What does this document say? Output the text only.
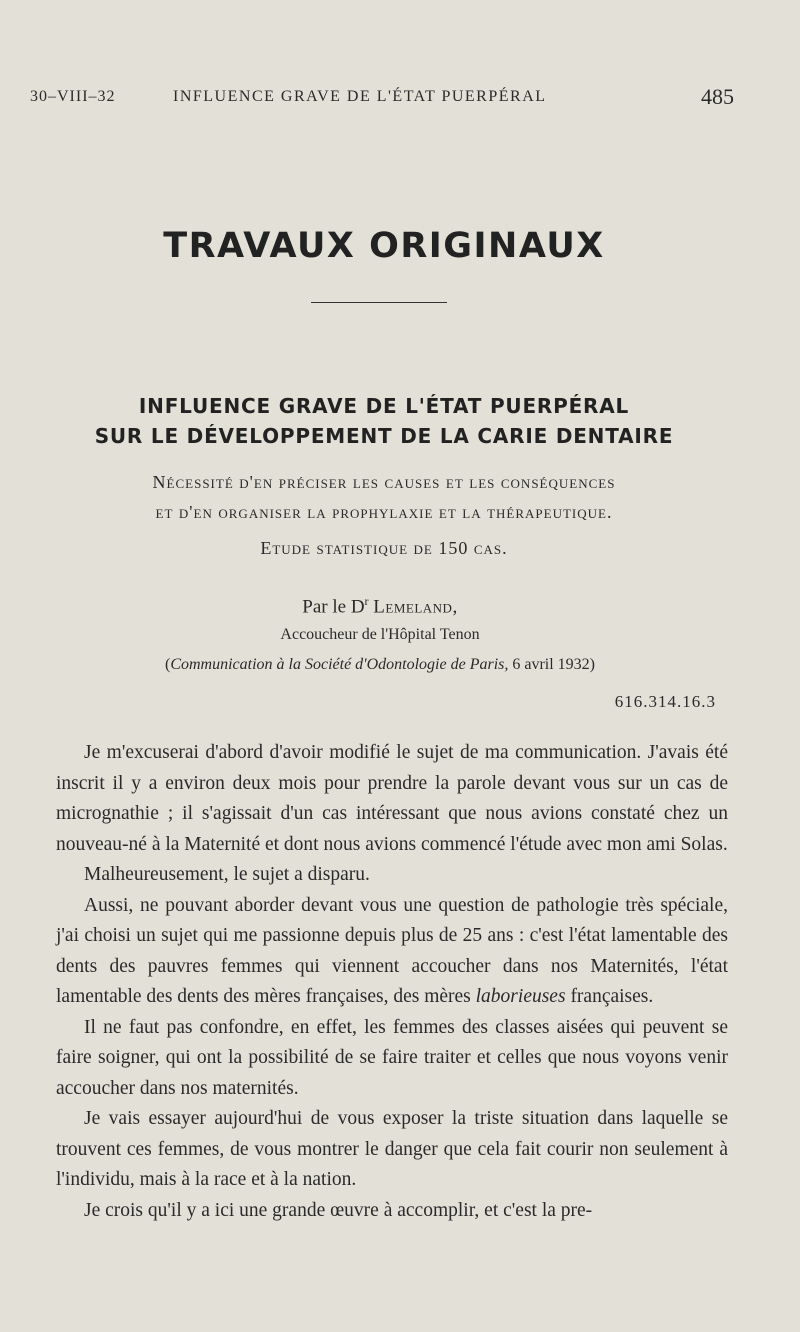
30–VIII–32	INFLUENCE GRAVE DE L'ÉTAT PUERPÉRAL	485
TRAVAUX ORIGINAUX
INFLUENCE GRAVE DE L'ÉTAT PUERPÉRAL
SUR LE DÉVELOPPEMENT DE LA CARIE DENTAIRE
Nécessité d'en préciser les causes et les conséquences
et d'en organiser la prophylaxie et la thérapeutique.
Etude statistique de 150 cas.
Par le $D^r$ Lemeland,
Accoucheur de l'Hôpital Tenon
(Communication à la Société d'Odontologie de Paris, 6 avril 1932)
616.314.16.3

Je m'excuserai d'abord d'avoir modifié le sujet de ma communication. J'avais été inscrit il y a environ deux mois pour prendre la parole devant vous sur un cas de micrognathie ; il s'agissait d'un cas intéressant que nous avions constaté chez un nouveau-né à la Maternité et dont nous avions commencé l'étude avec mon ami Solas.

Malheureusement, le sujet a disparu.

Aussi, ne pouvant aborder devant vous une question de pathologie très spéciale, j'ai choisi un sujet qui me passionne depuis plus de 25 ans : c'est l'état lamentable des dents des pauvres femmes qui viennent accoucher dans nos Maternités, l'état lamentable des dents des mères françaises, des mères laborieuses françaises.

Il ne faut pas confondre, en effet, les femmes des classes aisées qui peuvent se faire soigner, qui ont la possibilité de se faire traiter et celles que nous voyons venir accoucher dans nos maternités.

Je vais essayer aujourd'hui de vous exposer la triste situation dans laquelle se trouvent ces femmes, de vous montrer le danger que cela fait courir non seulement à l'individu, mais à la race et à la nation.

Je crois qu'il y a ici une grande œuvre à accomplir, et c'est la pre-
